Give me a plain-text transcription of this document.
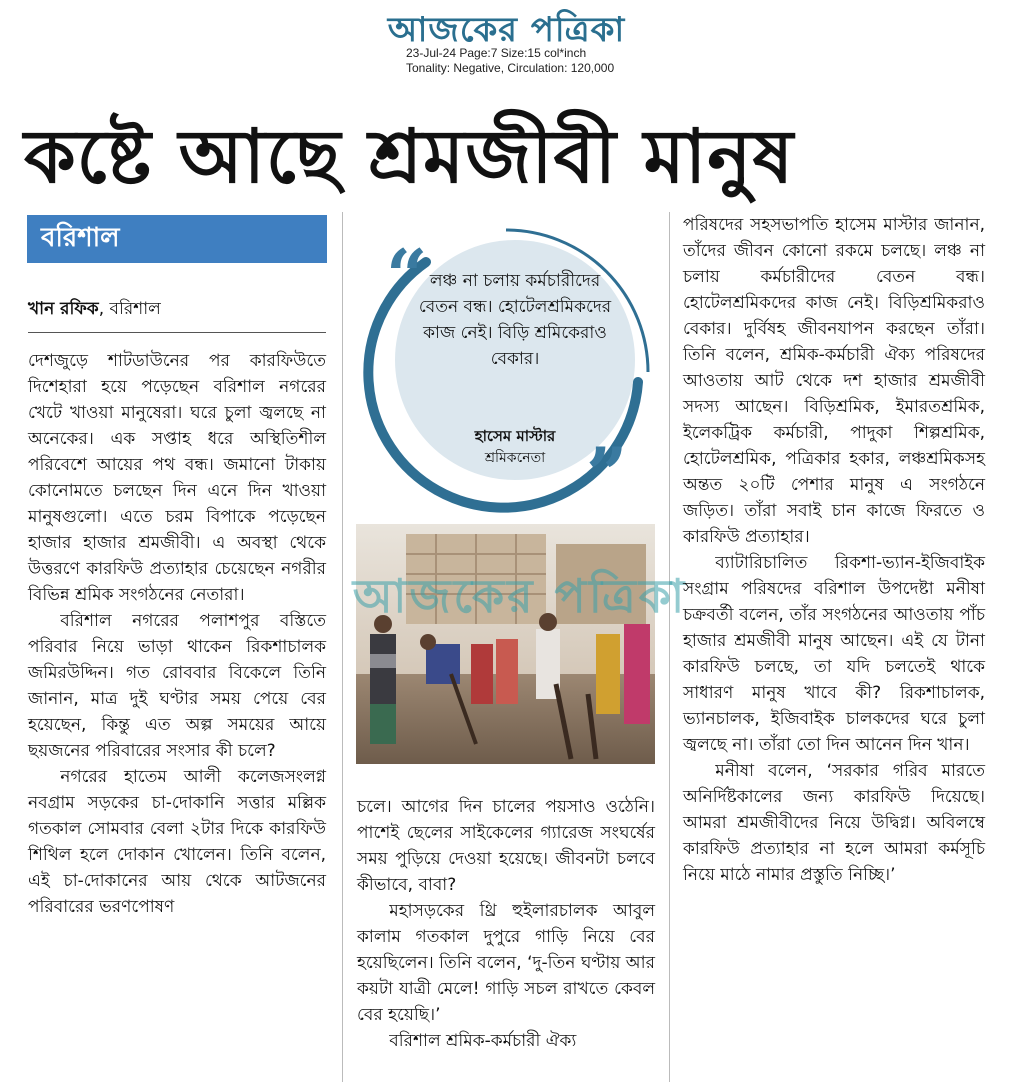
আজকের পত্রিকা
23-Jul-24 Page:7 Size:15 col*inch
Tonality: Negative, Circulation: 120,000
কষ্টে আছে শ্রমজীবী মানুষ
বরিশাল
খান রফিক, বরিশাল

দেশজুড়ে শাটডাউনের পর কারফিউতে দিশেহারা হয়ে পড়েছেন বরিশাল নগরের খেটে খাওয়া মানুষেরা। ঘরে চুলা জ্বলছে না অনেকের। এক সপ্তাহ ধরে অস্থিতিশীল পরিবেশে আয়ের পথ বন্ধ। জমানো টাকায় কোনোমতে চলছেন দিন এনে দিন খাওয়া মানুষগুলো। এতে চরম বিপাকে পড়েছেন হাজার হাজার শ্রমজীবী। এ অবস্থা থেকে উত্তরণে কারফিউ প্রত্যাহার চেয়েছেন নগরীর বিভিন্ন শ্রমিক সংগঠনের নেতারা।

বরিশাল নগরের পলাশপুর বস্তিতে পরিবার নিয়ে ভাড়া থাকেন রিকশাচালক জমিরউদ্দিন। গত রোববার বিকেলে তিনি জানান, মাত্র দুই ঘণ্টার সময় পেয়ে বের হয়েছেন, কিন্তু এত অল্প সময়ের আয়ে ছয়জনের পরিবারের সংসার কী চলে?

নগরের হাতেম আলী কলেজসংলগ্ন নবগ্রাম সড়কের চা-দোকানি সত্তার মল্লিক গতকাল সোমবার বেলা ২টার দিকে কারফিউ শিথিল হলে দোকান খোলেন। তিনি বলেন, এই চা-দোকানের আয় থেকে আটজনের পরিবারের ভরণপোষণ

“
”
লঞ্চ না চলায় কর্মচারীদের বেতন বন্ধ। হোটেলশ্রমিকদের কাজ নেই। বিড়ি শ্রমিকেরাও বেকার।
হাসেম মাস্টার
শ্রমিকনেতা
আজকের পত্রিকা

চলে। আগের দিন চালের পয়সাও ওঠেনি। পাশেই ছেলের সাইকেলের গ্যারেজ সংঘর্ষের সময় পুড়িয়ে দেওয়া হয়েছে। জীবনটা চলবে কীভাবে, বাবা?

মহাসড়কের থ্রি হুইলারচালক আবুল কালাম গতকাল দুপুরে গাড়ি নিয়ে বের হয়েছিলেন। তিনি বলেন, ‘দু-তিন ঘণ্টায় আর কয়টা যাত্রী মেলে! গাড়ি সচল রাখতে কেবল বের হয়েছি।’

বরিশাল শ্রমিক-কর্মচারী ঐক্য

পরিষদের সহসভাপতি হাসেম মাস্টার জানান, তাঁদের জীবন কোনো রকমে চলছে। লঞ্চ না চলায় কর্মচারীদের বেতন বন্ধ। হোটেলশ্রমিকদের কাজ নেই। বিড়িশ্রমিকরাও বেকার। দুর্বিষহ জীবনযাপন করছেন তাঁরা। তিনি বলেন, শ্রমিক-কর্মচারী ঐক্য পরিষদের আওতায় আট থেকে দশ হাজার শ্রমজীবী সদস্য আছেন। বিড়িশ্রমিক, ইমারতশ্রমিক, ইলেকট্রিক কর্মচারী, পাদুকা শিল্পশ্রমিক, হোটেলশ্রমিক, পত্রিকার হকার, লঞ্চশ্রমিকসহ অন্তত ২০টি পেশার মানুষ এ সংগঠনে জড়িত। তাঁরা সবাই চান কাজে ফিরতে ও কারফিউ প্রত্যাহার।

ব্যাটারিচালিত রিকশা-ভ্যান-ইজিবাইক সংগ্রাম পরিষদের বরিশাল উপদেষ্টা মনীষা চক্রবর্তী বলেন, তাঁর সংগঠনের আওতায় পাঁচ হাজার শ্রমজীবী মানুষ আছেন। এই যে টানা কারফিউ চলছে, তা যদি চলতেই থাকে সাধারণ মানুষ খাবে কী? রিকশাচালক, ভ্যানচালক, ইজিবাইক চালকদের ঘরে চুলা জ্বলছে না। তাঁরা তো দিন আনেন দিন খান।

মনীষা বলেন, ‘সরকার গরিব মারতে অনির্দিষ্টকালের জন্য কারফিউ দিয়েছে। আমরা শ্রমজীবীদের নিয়ে উদ্বিগ্ন। অবিলম্বে কারফিউ প্রত্যাহার না হলে আমরা কর্মসূচি নিয়ে মাঠে নামার প্রস্তুতি নিচ্ছি।’
